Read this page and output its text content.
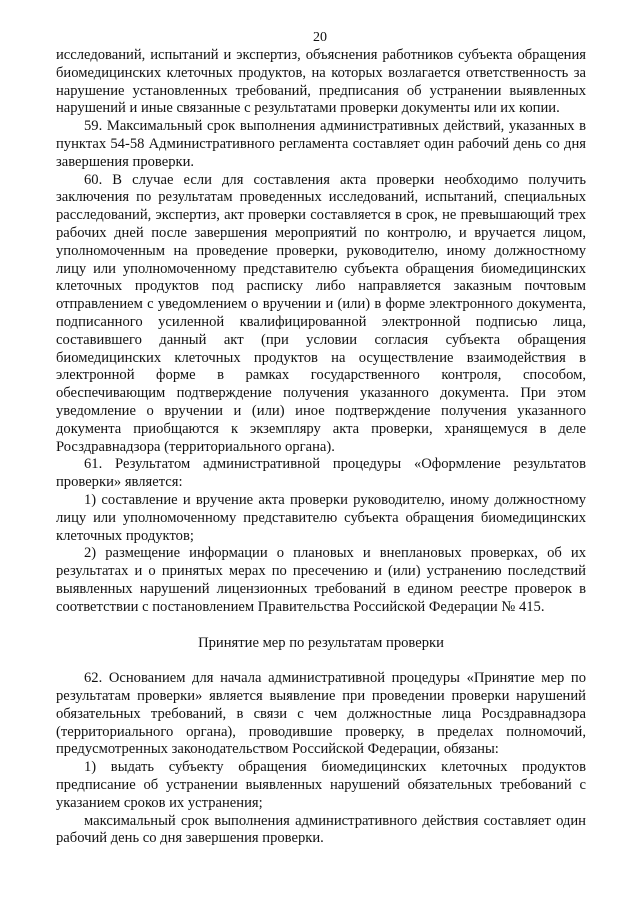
20

исследований, испытаний и экспертиз, объяснения работников субъекта обращения биомедицинских клеточных продуктов, на которых возлагается ответственность за нарушение установленных требований, предписания об устранении выявленных нарушений и иные связанные с результатами проверки документы или их копии.

59. Максимальный срок выполнения административных действий, указанных в пунктах 54-58 Административного регламента составляет один рабочий день со дня завершения проверки.

60. В случае если для составления акта проверки необходимо получить заключения по результатам проведенных исследований, испытаний, специальных расследований, экспертиз, акт проверки составляется в срок, не превышающий трех рабочих дней после завершения мероприятий по контролю, и вручается лицом, уполномоченным на проведение проверки, руководителю, иному должностному лицу или уполномоченному представителю субъекта обращения биомедицинских клеточных продуктов под расписку либо направляется заказным почтовым отправлением с уведомлением о вручении и (или) в форме электронного документа, подписанного усиленной квалифицированной электронной подписью лица, составившего данный акт (при условии согласия субъекта обращения биомедицинских клеточных продуктов на осуществление взаимодействия в электронной форме в рамках государственного контроля, способом, обеспечивающим подтверждение получения указанного документа. При этом уведомление о вручении и (или) иное подтверждение получения указанного документа приобщаются к экземпляру акта проверки, хранящемуся в деле Росздравнадзора (территориального органа).

61. Результатом административной процедуры «Оформление результатов проверки» является:

1) составление и вручение акта проверки руководителю, иному должностному лицу или уполномоченному представителю субъекта обращения биомедицинских клеточных продуктов;

2) размещение информации о плановых и внеплановых проверках, об их результатах и о принятых мерах по пресечению и (или) устранению последствий выявленных нарушений лицензионных требований в едином реестре проверок в соответствии с постановлением Правительства Российской Федерации № 415.

Принятие мер по результатам проверки

62. Основанием для начала административной процедуры «Принятие мер по результатам проверки» является выявление при проведении проверки нарушений обязательных требований, в связи с чем должностные лица Росздравнадзора (территориального органа), проводившие проверку, в пределах полномочий, предусмотренных законодательством Российской Федерации, обязаны:

1) выдать субъекту обращения биомедицинских клеточных продуктов предписание об устранении выявленных нарушений обязательных требований с указанием сроков их устранения;

максимальный срок выполнения административного действия составляет один рабочий день со дня завершения проверки.
